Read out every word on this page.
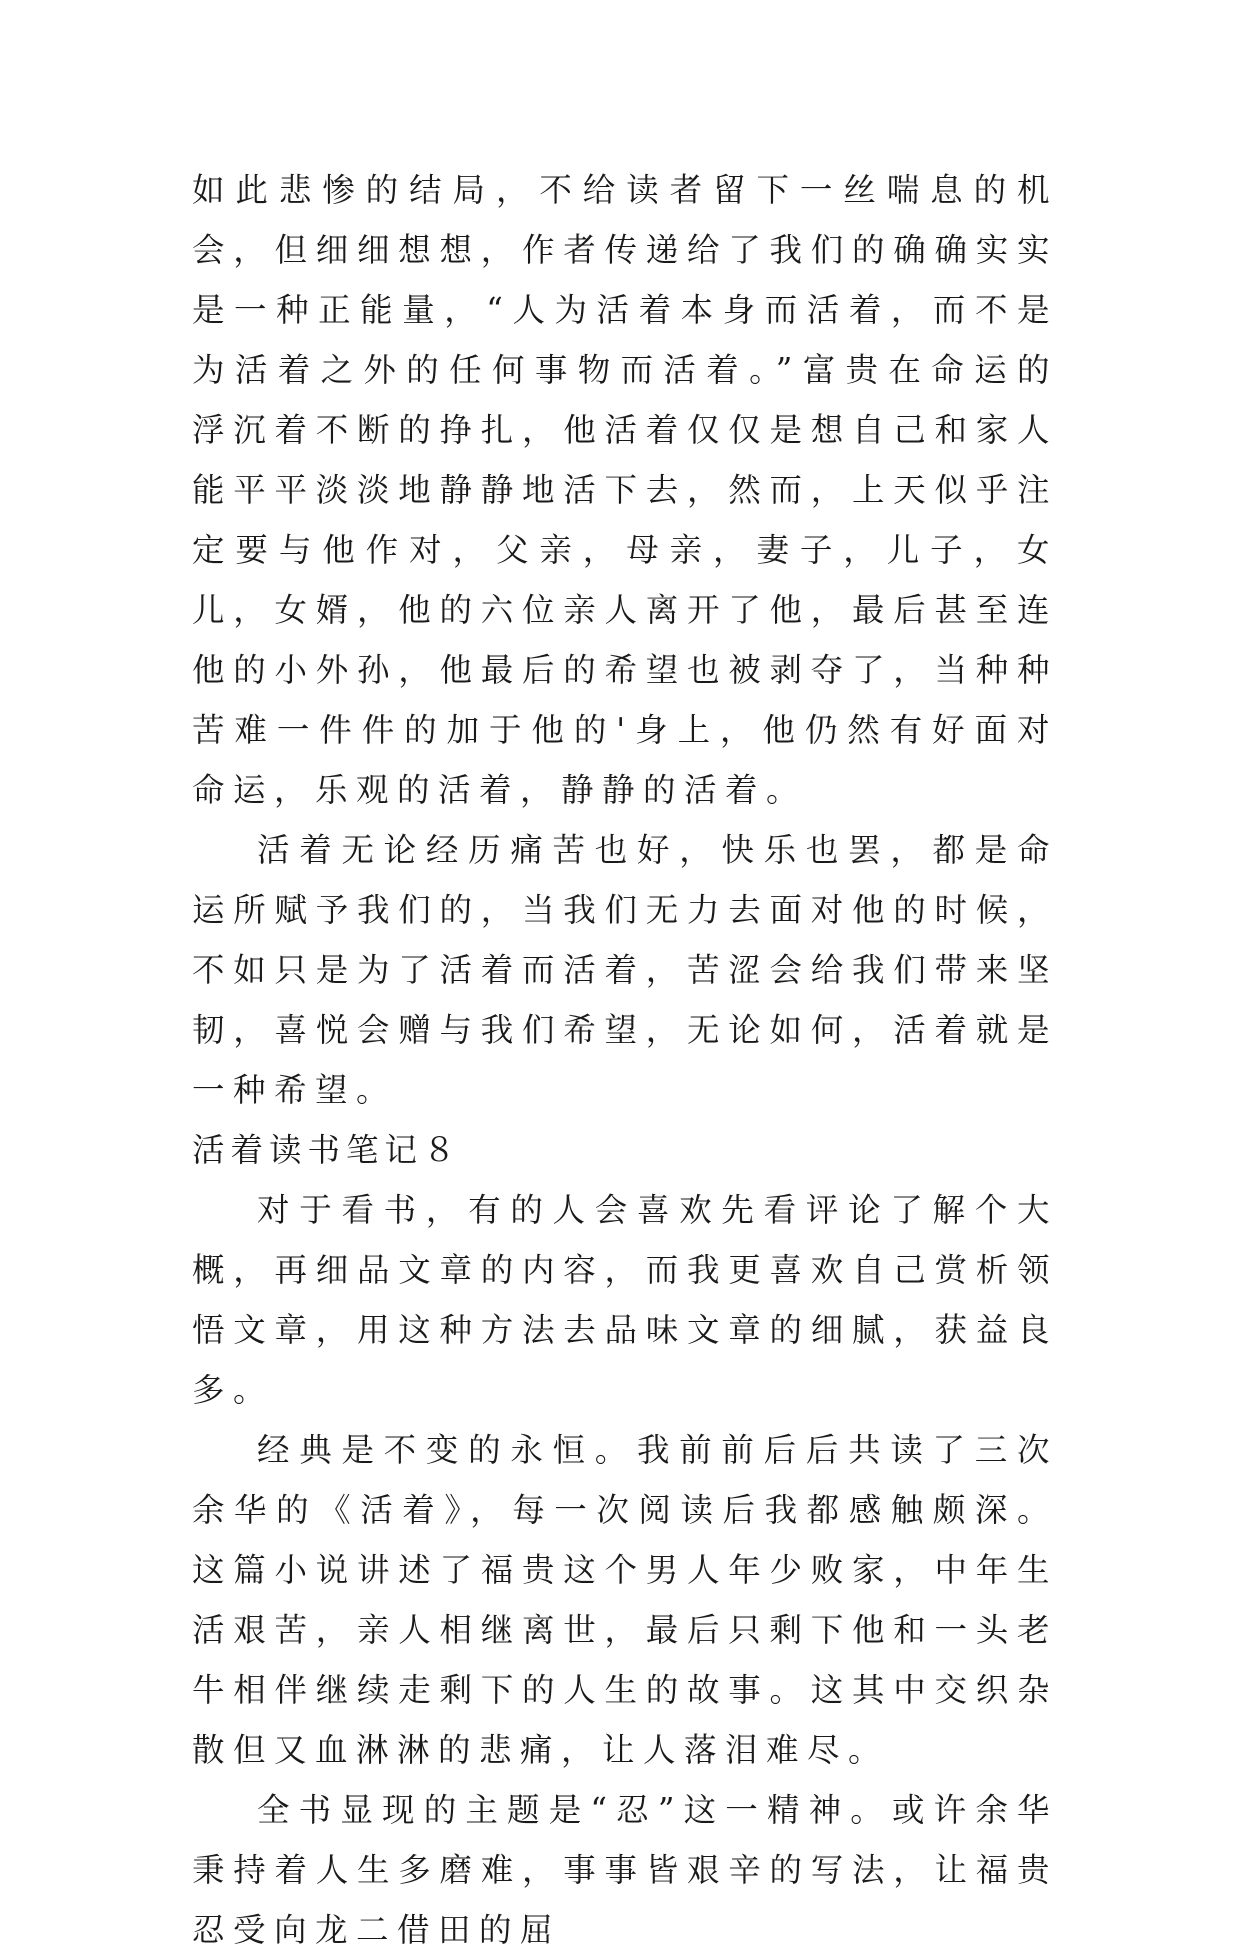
如此悲惨的结局，不给读者留下一丝喘息的机会，但细细想想，作者传递给了我们的确确实实是一种正能量，“人为活着本身而活着，而不是为活着之外的任何事物而活着。”富贵在命运的浮沉着不断的挣扎，他活着仅仅是想自己和家人能平平淡淡地静静地活下去，然而，上天似乎注定要与他作对，父亲，母亲，妻子，儿子，女儿，女婿，他的六位亲人离开了他，最后甚至连他的小外孙，他最后的希望也被剥夺了，当种种苦难一件件的加于他的'身上，他仍然有好面对命运，乐观的活着，静静的活着。

活着无论经历痛苦也好，快乐也罢，都是命运所赋予我们的，当我们无力去面对他的时候，不如只是为了活着而活着，苦涩会给我们带来坚韧，喜悦会赠与我们希望，无论如何，活着就是一种希望。

活着读书笔记８

对于看书，有的人会喜欢先看评论了解个大概，再细品文章的内容，而我更喜欢自己赏析领悟文章，用这种方法去品味文章的细腻，获益良多。

经典是不变的永恒。我前前后后共读了三次余华的《活着》，每一次阅读后我都感触颇深。这篇小说讲述了福贵这个男人年少败家，中年生活艰苦，亲人相继离世，最后只剩下他和一头老牛相伴继续走剩下的人生的故事。这其中交织杂散但又血淋淋的悲痛，让人落泪难尽。

全书显现的主题是“忍”这一精神。或许余华秉持着人生多磨难，事事皆艰辛的写法，让福贵忍受向龙二借田的屈
